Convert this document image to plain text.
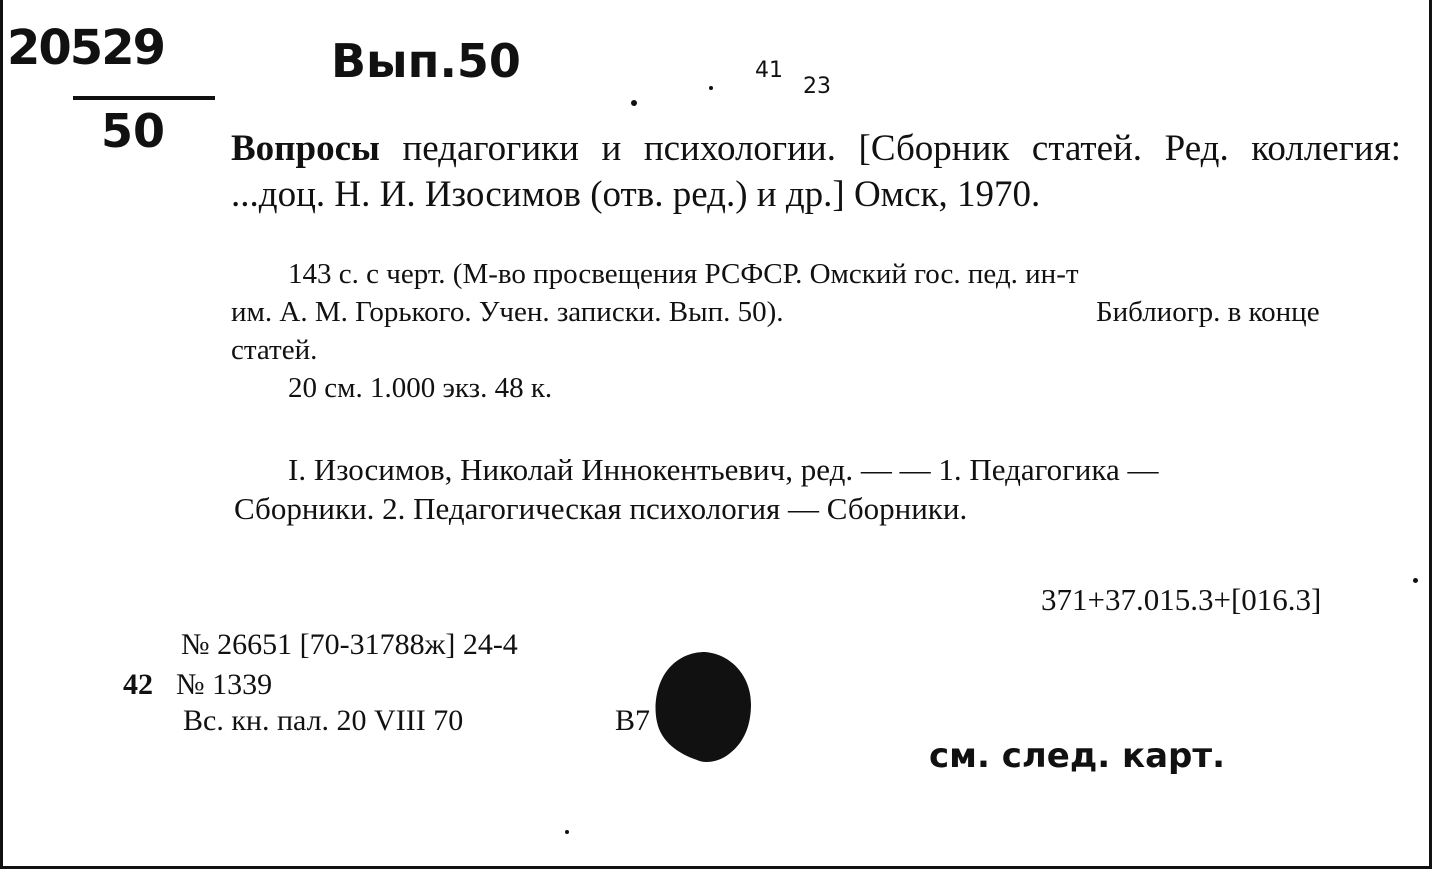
20529
50
Вып.50	41
23
Вопросы педагогики и психологии. [Сборник статей. Ред. коллегия: ...доц. Н. И. Изосимов (отв. ред.) и др.] Омск, 1970.
143 с. с черт. (М-во просвещения РСФСР. Омский гос. пед. ин-т
им. А. М. Горького. Учен. записки. Вып. 50).	Библиогр. в конце
статей.
20 см. 1.000 экз. 48 к.
I. Изосимов, Николай Иннокентьевич, ред. — — 1. Педагогика —
Сборники. 2. Педагогическая психология — Сборники.
371+37.015.3+[016.3]
№ 26651 [70-31788ж] 24-4
42 № 1339
Вс. кн. пал. 20 VIII 70	В7
см. след. карт.
